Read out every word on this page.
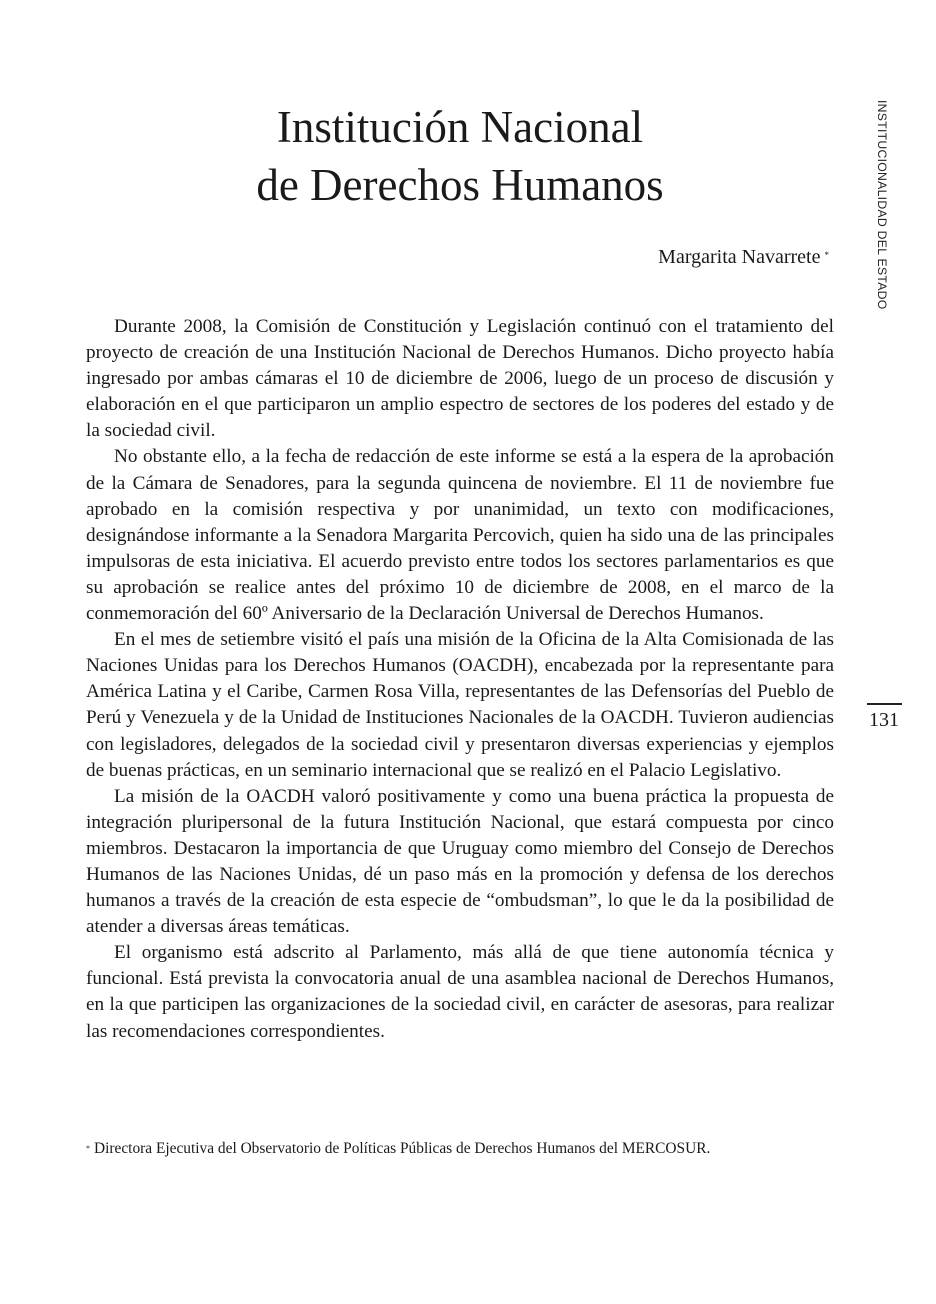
Institución Nacional
de Derechos Humanos
Margarita Navarrete *	INSTITUCIONALIDAD DEL ESTADO
131

Durante 2008, la Comisión de Constitución y Legislación continuó con el tratamiento del proyecto de creación de una Institución Nacional de Derechos Humanos. Dicho proyecto había ingresado por ambas cámaras el 10 de diciembre de 2006, luego de un proceso de discusión y elaboración en el que participaron un amplio espectro de sectores de los poderes del estado y de la sociedad civil.

No obstante ello, a la fecha de redacción de este informe se está a la espera de la aprobación de la Cámara de Senadores, para la segunda quincena de noviembre. El 11 de noviembre fue aprobado en la comisión respectiva y por unanimidad, un texto con modificaciones, designándose informante a la Senadora Margarita Percovich, quien ha sido una de las principales impulsoras de esta iniciativa. El acuerdo previsto entre todos los sectores parlamentarios es que su aprobación se realice antes del próximo 10 de diciembre de 2008, en el marco de la conmemoración del 60º Aniversario de la Declaración Universal de Derechos Humanos.

En el mes de setiembre visitó el país una misión de la Oficina de la Alta Comisionada de las Naciones Unidas para los Derechos Humanos (OACDH), encabezada por la representante para América Latina y el Caribe, Carmen Rosa Villa, representantes de las Defensorías del Pueblo de Perú y Venezuela y de la Unidad de Instituciones Nacionales de la OACDH. Tuvieron audiencias con legisladores, delegados de la sociedad civil y presentaron diversas experiencias y ejemplos de buenas prácticas, en un seminario internacional que se realizó en el Palacio Legislativo.

La misión de la OACDH valoró positivamente y como una buena práctica la propuesta de integración pluripersonal de la futura Institución Nacional, que estará compuesta por cinco miembros. Destacaron la importancia de que Uruguay como miembro del Consejo de Derechos Humanos de las Naciones Unidas, dé un paso más en la promoción y defensa de los derechos humanos a través de la creación de esta especie de “ombudsman”, lo que le da la posibilidad de atender a diversas áreas temáticas.

El organismo está adscrito al Parlamento, más allá de que tiene autonomía técnica y funcional. Está prevista la convocatoria anual de una asamblea nacional de Derechos Humanos, en la que participen las organizaciones de la sociedad civil, en carácter de asesoras, para realizar las recomendaciones correspondientes.

* Directora Ejecutiva del Observatorio de Políticas Públicas de Derechos Humanos del MERCOSUR.
